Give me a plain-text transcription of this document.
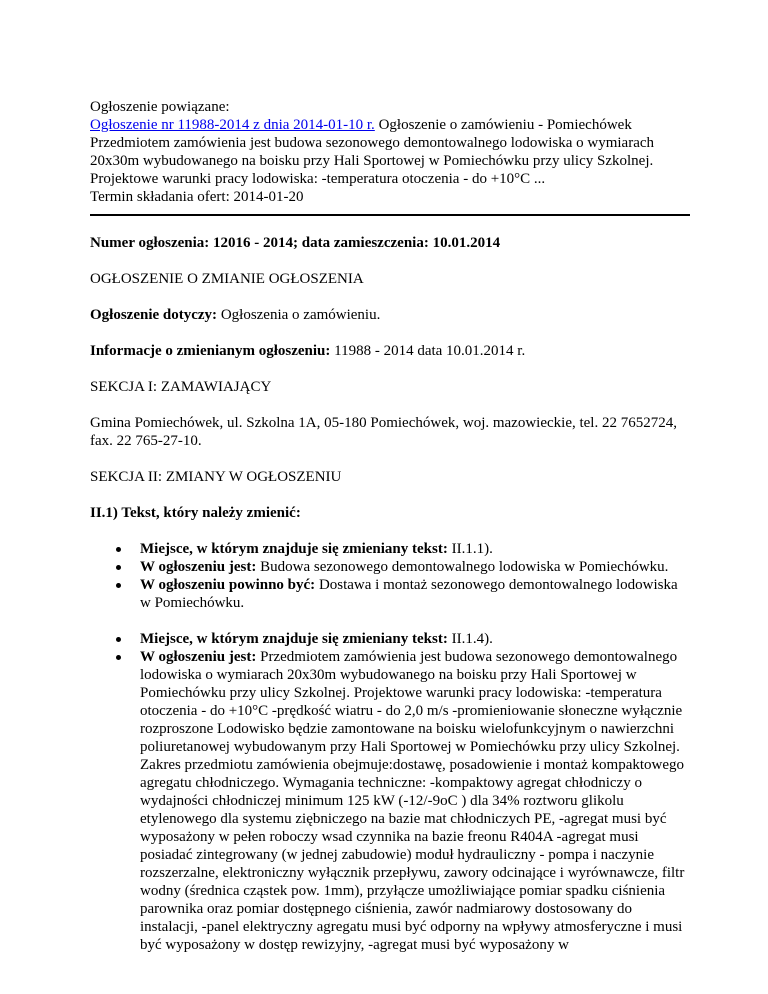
Ogłoszenie powiązane:

Ogłoszenie nr 11988-2014 z dnia 2014-01-10 r. Ogłoszenie o zamówieniu - Pomiechówek

Przedmiotem zamówienia jest budowa sezonowego demontowalnego lodowiska o wymiarach 20x30m wybudowanego na boisku przy Hali Sportowej w Pomiechówku przy ulicy Szkolnej. Projektowe warunki pracy lodowiska: -temperatura otoczenia - do +10°C ...

Termin składania ofert: 2014-01-20

Numer ogłoszenia: 12016 - 2014; data zamieszczenia: 10.01.2014

OGŁOSZENIE O ZMIANIE OGŁOSZENIA

Ogłoszenie dotyczy: Ogłoszenia o zamówieniu.

Informacje o zmienianym ogłoszeniu: 11988 - 2014 data 10.01.2014 r.

SEKCJA I: ZAMAWIAJĄCY

Gmina Pomiechówek, ul. Szkolna 1A, 05-180 Pomiechówek, woj. mazowieckie, tel. 22 7652724, fax. 22 765-27-10.

SEKCJA II: ZMIANY W OGŁOSZENIU

II.1) Tekst, który należy zmienić:

Miejsce, w którym znajduje się zmieniany tekst: II.1.1).
W ogłoszeniu jest: Budowa sezonowego demontowalnego lodowiska w Pomiechówku.
W ogłoszeniu powinno być: Dostawa i montaż sezonowego demontowalnego lodowiska w Pomiechówku.
Miejsce, w którym znajduje się zmieniany tekst: II.1.4).
W ogłoszeniu jest: Przedmiotem zamówienia jest budowa sezonowego demontowalnego lodowiska o wymiarach 20x30m wybudowanego na boisku przy Hali Sportowej w Pomiechówku przy ulicy Szkolnej. Projektowe warunki pracy lodowiska: -temperatura otoczenia - do +10°C -prędkość wiatru - do 2,0 m/s -promieniowanie słoneczne wyłącznie rozproszone Lodowisko będzie zamontowane na boisku wielofunkcyjnym o nawierzchni poliuretanowej wybudowanym przy Hali Sportowej w Pomiechówku przy ulicy Szkolnej. Zakres przedmiotu zamówienia obejmuje:dostawę, posadowienie i montaż kompaktowego agregatu chłodniczego. Wymagania techniczne: -kompaktowy agregat chłodniczy o wydajności chłodniczej minimum 125 kW (-12/-9oC ) dla 34% roztworu glikolu etylenowego dla systemu ziębniczego na bazie mat chłodniczych PE, -agregat musi być wyposażony w pełen roboczy wsad czynnika na bazie freonu R404A -agregat musi posiadać zintegrowany (w jednej zabudowie) moduł hydrauliczny - pompa i naczynie rozszerzalne, elektroniczny wyłącznik przepływu, zawory odcinające i wyrównawcze, filtr wodny (średnica cząstek pow. 1mm), przyłącze umożliwiające pomiar spadku ciśnienia parownika oraz pomiar dostępnego ciśnienia, zawór nadmiarowy dostosowany do instalacji, -panel elektryczny agregatu musi być odporny na wpływy atmosferyczne i musi być wyposażony w dostęp rewizyjny, -agregat musi być wyposażony w
